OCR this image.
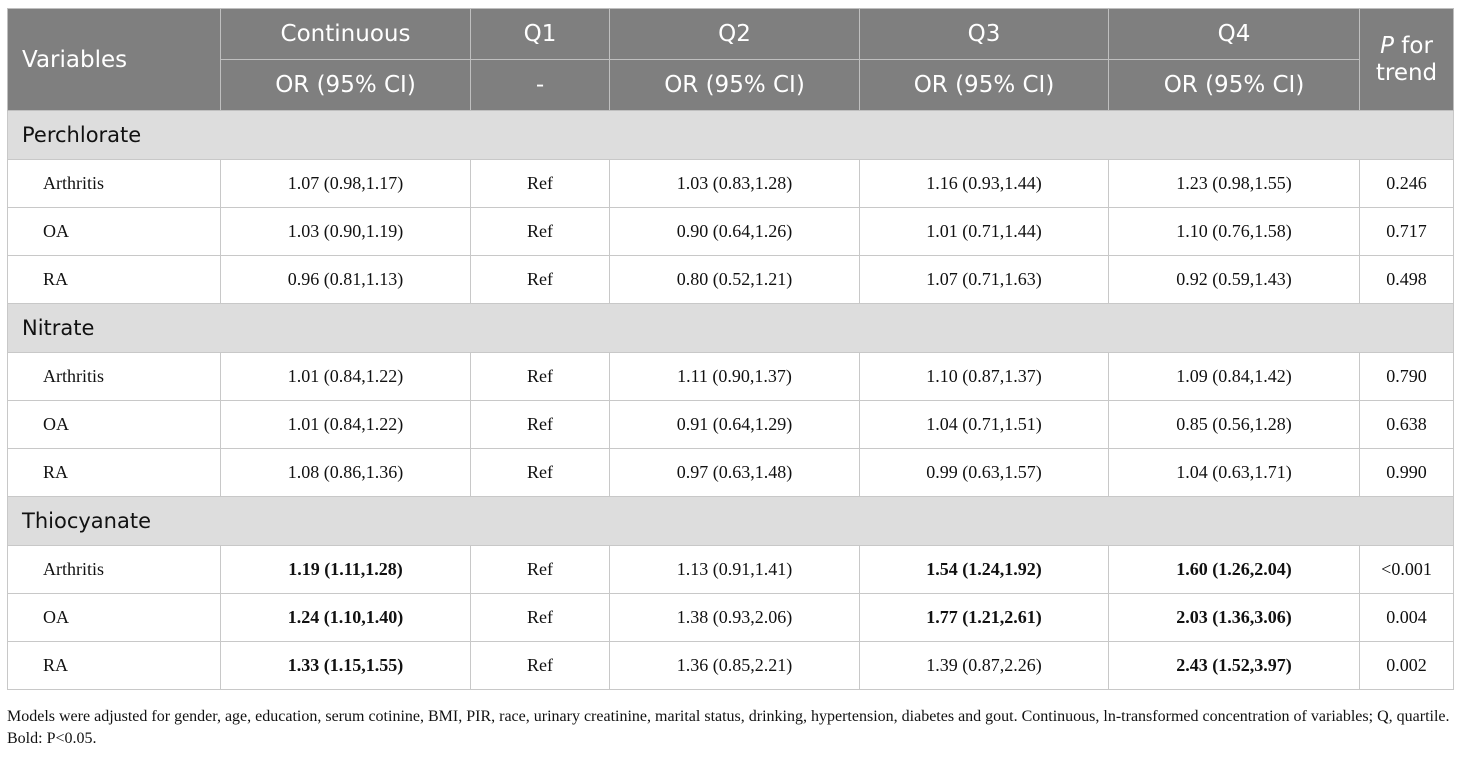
Variables	Continuous	Q1	Q2	Q3	Q4	P for
trend
	OR (95% CI)	-	OR (95% CI)	OR (95% CI)	OR (95% CI)	
Perchlorate						
Arthritis	1.07 (0.98,1.17)	Ref	1.03 (0.83,1.28)	1.16 (0.93,1.44)	1.23 (0.98,1.55)	0.246
OA	1.03 (0.90,1.19)	Ref	0.90 (0.64,1.26)	1.01 (0.71,1.44)	1.10 (0.76,1.58)	0.717
RA	0.96 (0.81,1.13)	Ref	0.80 (0.52,1.21)	1.07 (0.71,1.63)	0.92 (0.59,1.43)	0.498
Nitrate						
Arthritis	1.01 (0.84,1.22)	Ref	1.11 (0.90,1.37)	1.10 (0.87,1.37)	1.09 (0.84,1.42)	0.790
OA	1.01 (0.84,1.22)	Ref	0.91 (0.64,1.29)	1.04 (0.71,1.51)	0.85 (0.56,1.28)	0.638
RA	1.08 (0.86,1.36)	Ref	0.97 (0.63,1.48)	0.99 (0.63,1.57)	1.04 (0.63,1.71)	0.990
Thiocyanate						
Arthritis	1.19 (1.11,1.28)	Ref	1.13 (0.91,1.41)	1.54 (1.24,1.92)	1.60 (1.26,2.04)	<0.001
OA	1.24 (1.10,1.40)	Ref	1.38 (0.93,2.06)	1.77 (1.21,2.61)	2.03 (1.36,3.06)	0.004
RA	1.33 (1.15,1.55)	Ref	1.36 (0.85,2.21)	1.39 (0.87,2.26)	2.43 (1.52,3.97)	0.002

Models were adjusted for gender, age, education, serum cotinine, BMI, PIR, race, urinary creatinine, marital status, drinking, hypertension, diabetes and gout. Continuous, ln-transformed concentration of variables; Q, quartile.

Bold: P<0.05.
